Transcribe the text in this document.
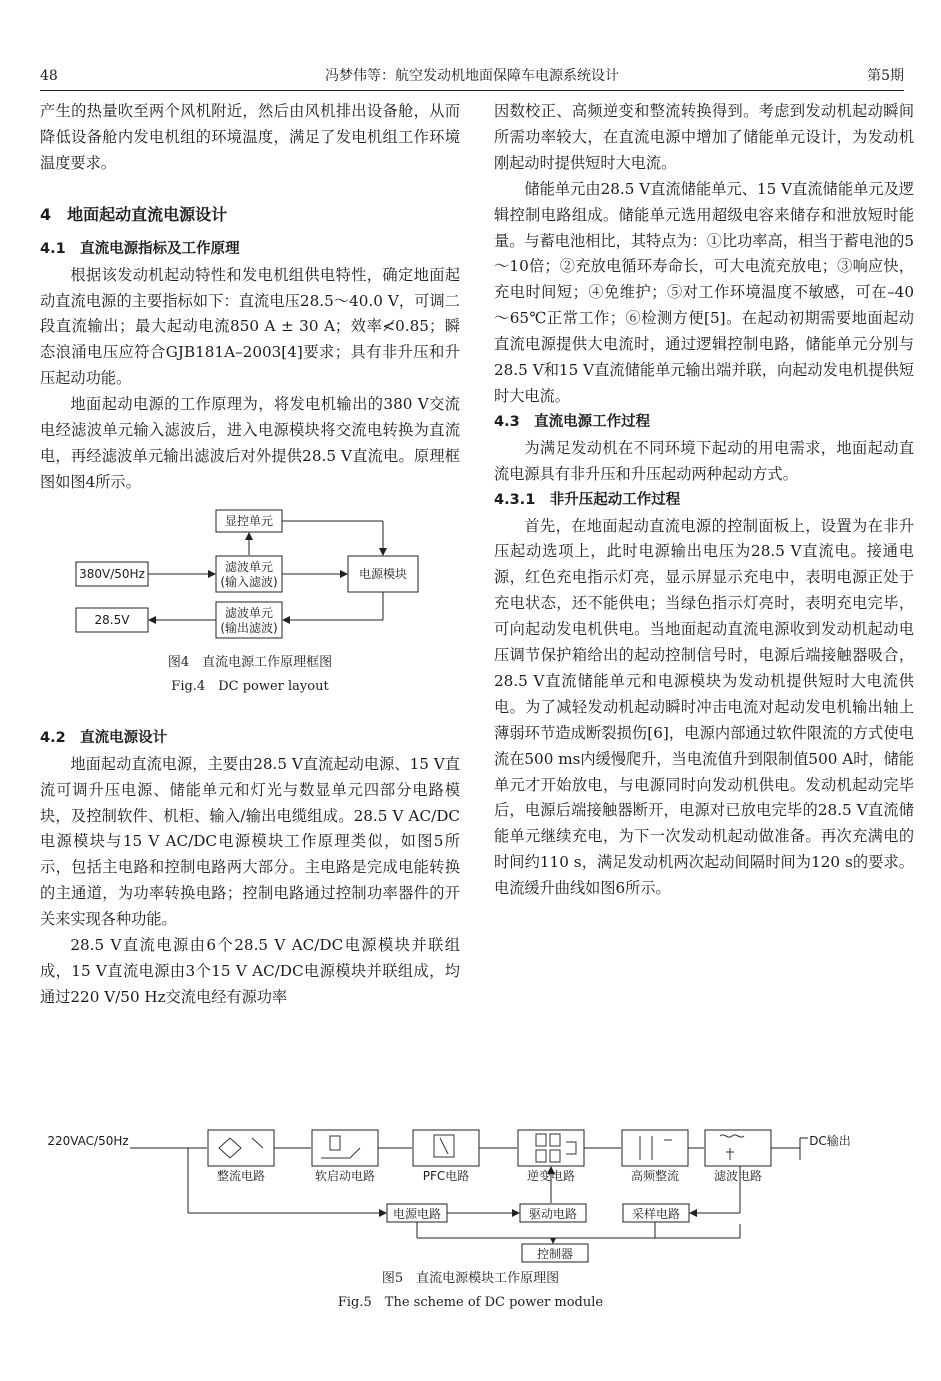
48	冯梦伟等：航空发动机地面保障车电源系统设计	第5期

产生的热量吹至两个风机附近，然后由风机排出设备舱，从而降低设备舱内发电机组的环境温度，满足了发电机组工作环境温度要求。

4　地面起动直流电源设计
4.1　直流电源指标及工作原理

根据该发动机起动特性和发电机组供电特性，确定地面起动直流电源的主要指标如下：直流电压28.5～40.0 V，可调二段直流输出；最大起动电流850 A ± 30 A；效率≮0.85；瞬态浪涌电压应符合GJB181A–2003[4]要求；具有非升压和升压起动功能。

地面起动电源的工作原理为，将发电机输出的380 V交流电经滤波单元输入滤波后，进入电源模块将交流电转换为直流电，再经滤波单元输出滤波后对外提供28.5 V直流电。原理框图如图4所示。

显控单元
滤波单元
(输入滤波)
电源模块
380V/50Hz
滤波单元
(输出滤波)
28.5V
图4　直流电源工作原理框图
Fig.4　DC power layout
4.2　直流电源设计

地面起动直流电源，主要由28.5 V直流起动电源、15 V直流可调升压电源、储能单元和灯光与数显单元四部分电路模块，及控制软件、机柜、输入/输出电缆组成。28.5 V AC/DC电源模块与15 V AC/DC电源模块工作原理类似，如图5所示，包括主电路和控制电路两大部分。主电路是完成电能转换的主通道，为功率转换电路；控制电路通过控制功率器件的开关来实现各种功能。

28.5 V直流电源由6个28.5 V AC/DC电源模块并联组成，15 V直流电源由3个15 V AC/DC电源模块并联组成，均通过220 V/50 Hz交流电经有源功率

因数校正、高频逆变和整流转换得到。考虑到发动机起动瞬间所需功率较大，在直流电源中增加了储能单元设计，为发动机刚起动时提供短时大电流。

储能单元由28.5 V直流储能单元、15 V直流储能单元及逻辑控制电路组成。储能单元选用超级电容来储存和泄放短时能量。与蓄电池相比，其特点为：①比功率高，相当于蓄电池的5～10倍；②充放电循环寿命长，可大电流充放电；③响应快，充电时间短；④免维护；⑤对工作环境温度不敏感，可在–40～65℃正常工作；⑥检测方便[5]。在起动初期需要地面起动直流电源提供大电流时，通过逻辑控制电路，储能单元分别与28.5 V和15 V直流储能单元输出端并联，向起动发电机提供短时大电流。

4.3　直流电源工作过程

为满足发动机在不同环境下起动的用电需求，地面起动直流电源具有非升压和升压起动两种起动方式。

4.3.1　非升压起动工作过程

首先，在地面起动直流电源的控制面板上，设置为在非升压起动选项上，此时电源输出电压为28.5 V直流电。接通电源，红色充电指示灯亮，显示屏显示充电中，表明电源正处于充电状态，还不能供电；当绿色指示灯亮时，表明充电完毕，可向起动发电机供电。当地面起动直流电源收到发动机起动电压调节保护箱给出的起动控制信号时，电源后端接触器吸合，28.5 V直流储能单元和电源模块为发动机提供短时大电流供电。为了减轻发动机起动瞬时冲击电流对起动发电机输出轴上薄弱环节造成断裂损伤[6]，电源内部通过软件限流的方式使电流在500 ms内缓慢爬升，当电流值升到限制值500 A时，储能单元才开始放电，与电源同时向发动机供电。发动机起动完毕后，电源后端接触器断开，电源对已放电完毕的28.5 V直流储能单元继续充电，为下一次发动机起动做准备。再次充满电的时间约110 s，满足发动机两次起动间隔时间为120 s的要求。电流缓升曲线如图6所示。

220VAC/50Hz	DC输出
整流电路	软启动电路	PFC电路	逆变电路	高频整流	滤波电路
电源电路	驱动电路	采样电路
控制器
图5　直流电源模块工作原理图
Fig.5　The scheme of DC power module
